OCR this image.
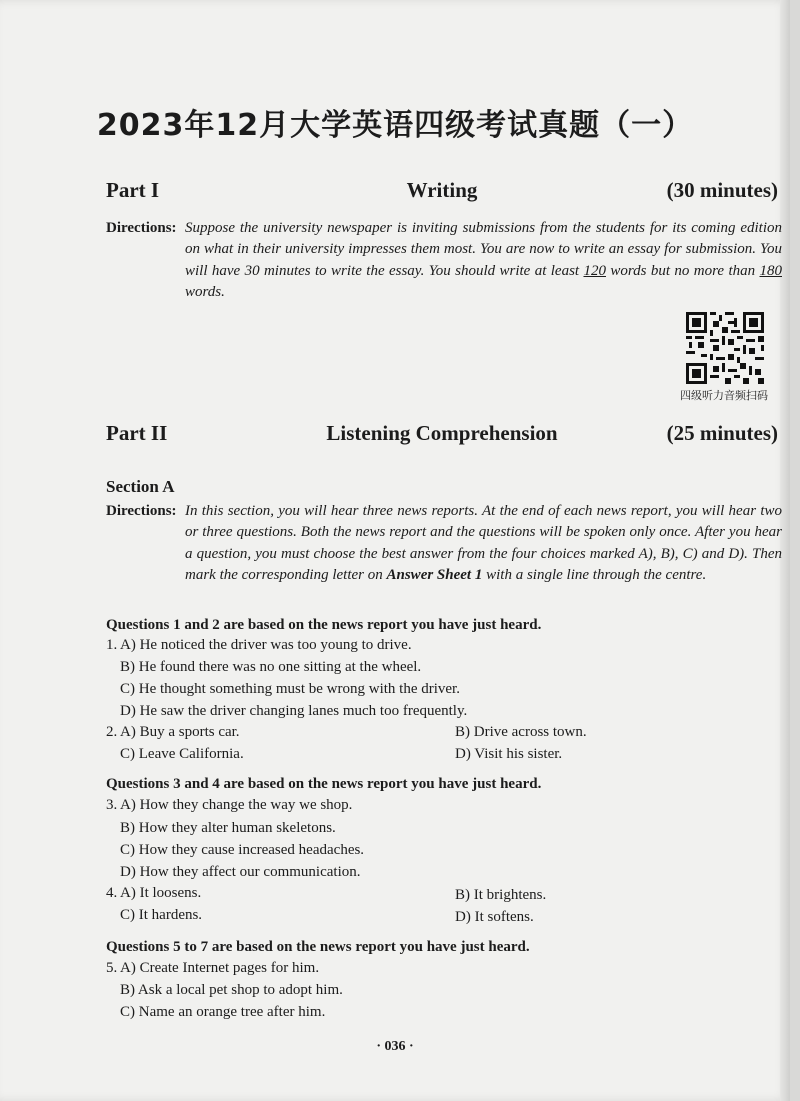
2023年12月大学英语四级考试真题（一）
Part I	Writing	(30 minutes)
Directions: Suppose the university newspaper is inviting submissions from the students for its coming edition on what in their university impresses them most. You are now to write an essay for submission. You will have 30 minutes to write the essay. You should write at least 120 words but no more than 180 words.
四级听力音频扫码
Part II	Listening Comprehension	(25 minutes)
Section A
Directions: In this section, you will hear three news reports. At the end of each news report, you will hear two or three questions. Both the news report and the questions will be spoken only once. After you hear a question, you must choose the best answer from the four choices marked A), B), C) and D). Then mark the corresponding letter on Answer Sheet 1 with a single line through the centre.
Questions 1 and 2 are based on the news report you have just heard.
1. A) He noticed the driver was too young to drive.
B) He found there was no one sitting at the wheel.
C) He thought something must be wrong with the driver.
D) He saw the driver changing lanes much too frequently.
2. A) Buy a sports car.	B) Drive across town.
C) Leave California.	D) Visit his sister.
Questions 3 and 4 are based on the news report you have just heard.
3. A) How they change the way we shop.
B) How they alter human skeletons.
C) How they cause increased headaches.
D) How they affect our communication.
4. A) It loosens.	B) It brightens.
C) It hardens.	D) It softens.
Questions 5 to 7 are based on the news report you have just heard.
5. A) Create Internet pages for him.
B) Ask a local pet shop to adopt him.
C) Name an orange tree after him.
· 036 ·
